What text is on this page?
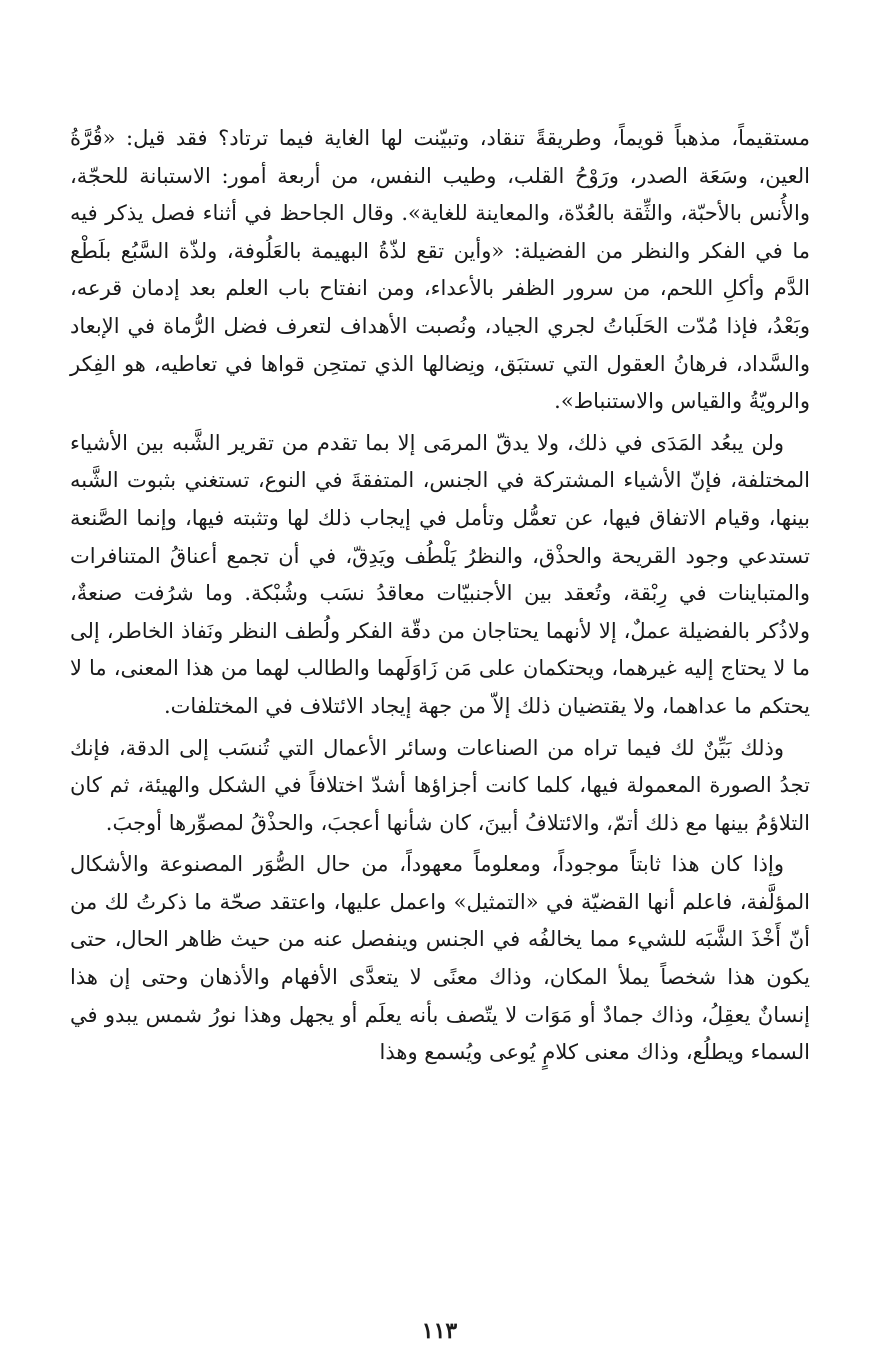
مستقيماً، مذهباً قويماً، وطريقةً تنقاد، وتبيّنت لها الغاية فيما ترتاد؟ فقد قيل: «قُرَّةُ العين، وسَعَة الصدر، ورَوْحُ القلب، وطيب النفس، من أربعة أمور: الاستبانة للحجّة، والأُنس بالأحبّة، والثِّقة بالعُدّة، والمعاينة للغاية». وقال الجاحظ في أثناء فصل يذكر فيه ما في الفكر والنظر من الفضيلة: «وأين تقع لذّةُ البهيمة بالعَلُوفة، ولذّة السَّبُع بلَطْع الدَّم وأكلِ اللحم، من سرور الظفر بالأعداء، ومن انفتاح باب العلم بعد إدمان قرعه، وبَعْدُ، فإذا مُدّت الحَلَباتُ لجري الجياد، ونُصبت الأهداف لتعرف فضل الرُّماة في الإبعاد والسَّداد، فرهانُ العقول التي تستبَق، ونِضالها الذي تمتحِن قواها في تعاطيه، هو الفِكر والرويّةُ والقياس والاستنباط».

ولن يبعُد المَدَى في ذلك، ولا يدقّ المرمَى إلا بما تقدم من تقرير الشَّبه بين الأشياء المختلفة، فإنّ الأشياء المشتركة في الجنس، المتفقةَ في النوع، تستغني بثبوت الشَّبه بينها، وقيام الاتفاق فيها، عن تعمُّل وتأمل في إيجاب ذلك لها وتثبته فيها، وإنما الصَّنعة تستدعي وجود القريحة والحذْق، والنظرُ يَلْطُف ويَدِقّ، في أن تجمع أعناقُ المتنافرات والمتباينات في رِبْقة، وتُعقد بين الأجنبيّات معاقدُ نسَب وشُبْكة. وما شرُفت صنعةٌ، ولاذُكر بالفضيلة عملٌ، إلا لأنهما يحتاجان من دقّة الفكر ولُطف النظر ونَفاذ الخاطر، إلى ما لا يحتاج إليه غيرهما، ويحتكمان على مَن زَاوَلَهما والطالب لهما من هذا المعنى، ما لا يحتكم ما عداهما، ولا يقتضيان ذلك إلاّ من جهة إيجاد الائتلاف في المختلفات.

وذلك بَيِّنٌ لك فيما تراه من الصناعات وسائر الأعمال التي تُنسَب إلى الدقة، فإنك تجدُ الصورة المعمولة فيها، كلما كانت أجزاؤها أشدّ اختلافاً في الشكل والهيئة، ثم كان التلاؤمُ بينها مع ذلك أتمّ، والائتلافُ أبينَ، كان شأنها أعجبَ، والحذْقُ لمصوِّرها أوجبَ.

وإذا كان هذا ثابتاً موجوداً، ومعلوماً معهوداً، من حال الصُّوَر المصنوعة والأشكال المؤلَّفة، فاعلم أنها القضيّة في «التمثيل» واعمل عليها، واعتقد صحّة ما ذكرتُ لك من أنّ أَخْذَ الشَّبَه للشيء مما يخالفُه في الجنس وينفصل عنه من حيث ظاهر الحال، حتى يكون هذا شخصاً يملأ المكان، وذاك معنًى لا يتعدَّى الأفهام والأذهان وحتى إن هذا إنسانٌ يعقِلُ، وذاك جمادٌ أو مَوَات لا يتّصف بأنه يعلَم أو يجهل وهذا نورُ شمس يبدو في السماء ويطلُع، وذاك معنى كلامٍ يُوعى ويُسمع وهذا

١١٣
